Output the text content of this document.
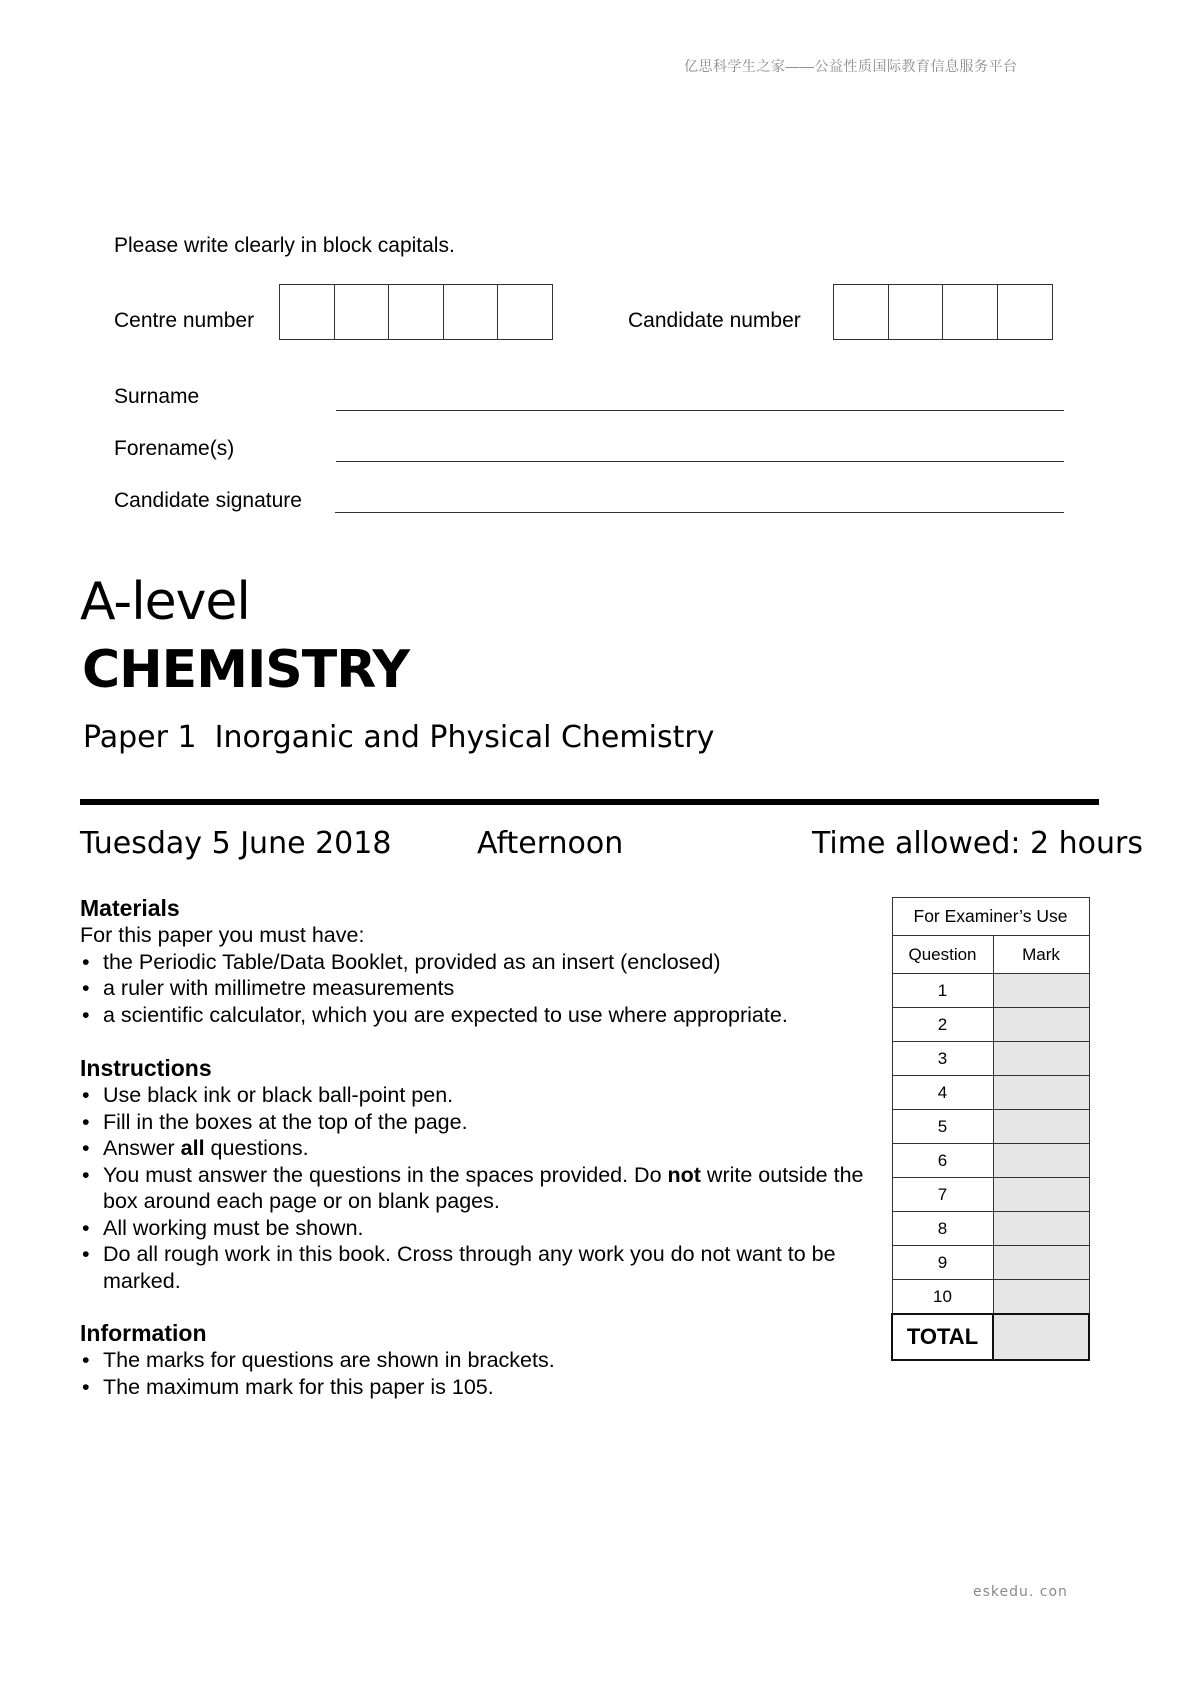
亿思科学生之家——公益性质国际教育信息服务平台
Please write clearly in block capitals.
Centre number	Candidate number
Surname
Forename(s)
Candidate signature
A-level
CHEMISTRY
Paper 1 Inorganic and Physical Chemistry
Tuesday 5 June 2018	Afternoon	Time allowed: 2 hours
Materials
For this paper you must have:
• the Periodic Table/Data Booklet, provided as an insert (enclosed)
• a ruler with millimetre measurements
• a scientific calculator, which you are expected to use where appropriate.
Instructions
• Use black ink or black ball-point pen.
• Fill in the boxes at the top of the page.
• Answer all questions.
• You must answer the questions in the spaces provided. Do not write outside the box around each page or on blank pages.
• All working must be shown.
• Do all rough work in this book. Cross through any work you do not want to be marked.
Information
• The marks for questions are shown in brackets.
• The maximum mark for this paper is 105.
For Examiner’s Use	
Question	Mark
1	
2	
3	
4	
5	
6	
7	
8	
9	
10	
TOTAL	
eskedu. con
